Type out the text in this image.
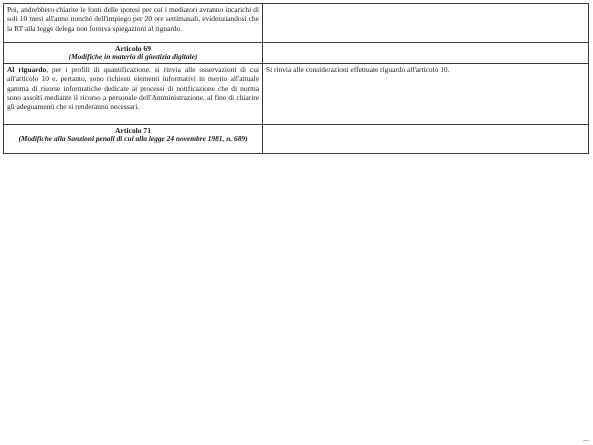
Poi, andrebbero chiarite le fonti delle ipotesi per cui i mediatori avranno incarichi di soli 10 mesi all'anno nonché dell'impiego per 20 ore settimanali, evidenziandosi che la RT alla legge delega non forniva spiegazioni al riguardo.	

Articolo 69
(Modifiche in materia di giustizia digitale)	

Al riguardo, per i profili di quantificazione, si rinvia alle osservazioni di cui all'articolo 10 e, pertanto, sono richiesti elementi informativi in merito all'attuale gamma di risorse informatiche dedicate ai processi di notificazione che di norma sono assolti mediante il ricorso a personale dell'Amministrazione, al fine di chiarire gli adeguamenti che si renderanno necessari.	Si rinvia alle considerazioni effettuate riguardo all'articolo 10.

Articolo 71
(Modifiche alla Sanzioni penali di cui alla legge 24 novembre 1981, n. 689)	
